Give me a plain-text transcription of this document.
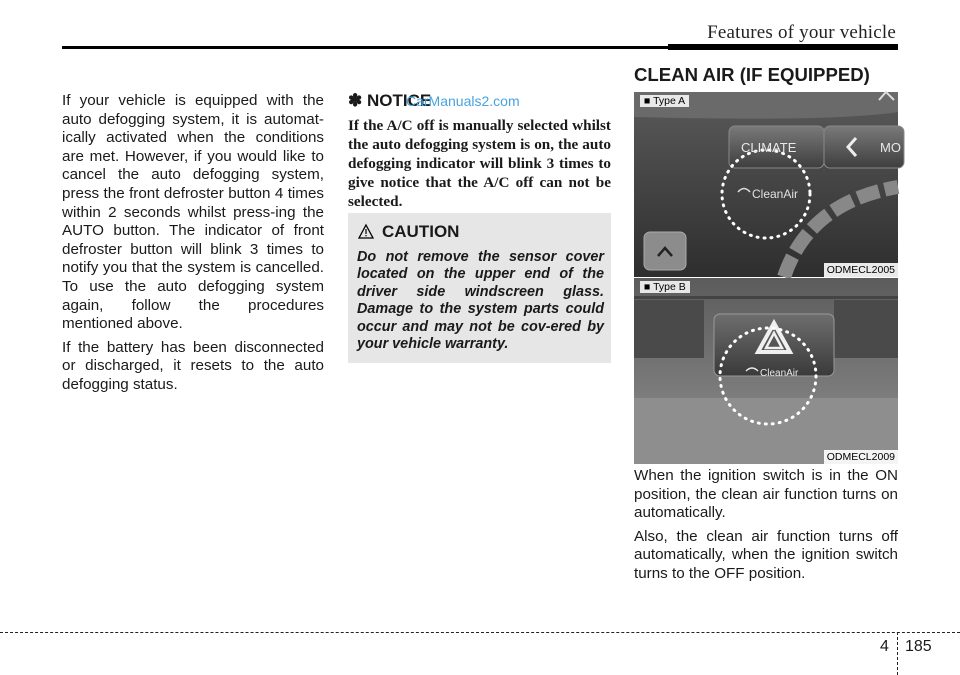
Features of your vehicle

If your vehicle is equipped with the auto defogging system, it is automat-ically activated when the conditions are met. However, if you would like to cancel the auto defogging system, press the front defroster button 4 times within 2 seconds whilst press-ing the AUTO button. The indicator of front defroster button will blink 3 times to notify you that the system is cancelled. To use the auto defogging system again, follow the procedures mentioned above.

If the battery has been disconnected or discharged, it resets to the auto defogging status.

✽ NOTICE
CarManuals2.com
If the A/C off is manually selected whilst the auto defogging system is on, the auto defogging indicator will blink 3 times to give notice that the A/C off can not be selected.
CAUTION
Do not remove the sensor cover located on the upper end of the driver side windscreen glass. Damage to the system parts could occur and may not be cov-ered by your vehicle warranty.
CLEAN AIR (IF EQUIPPED)
CLIMATE	MO
CleanAir
■ Type A
ODMECL2005
CleanAir
■ Type B
ODMECL2009

When the ignition switch is in the ON position, the clean air function turns on automatically.

Also, the clean air function turns off automatically, when the ignition switch turns to the OFF position.

4 185
